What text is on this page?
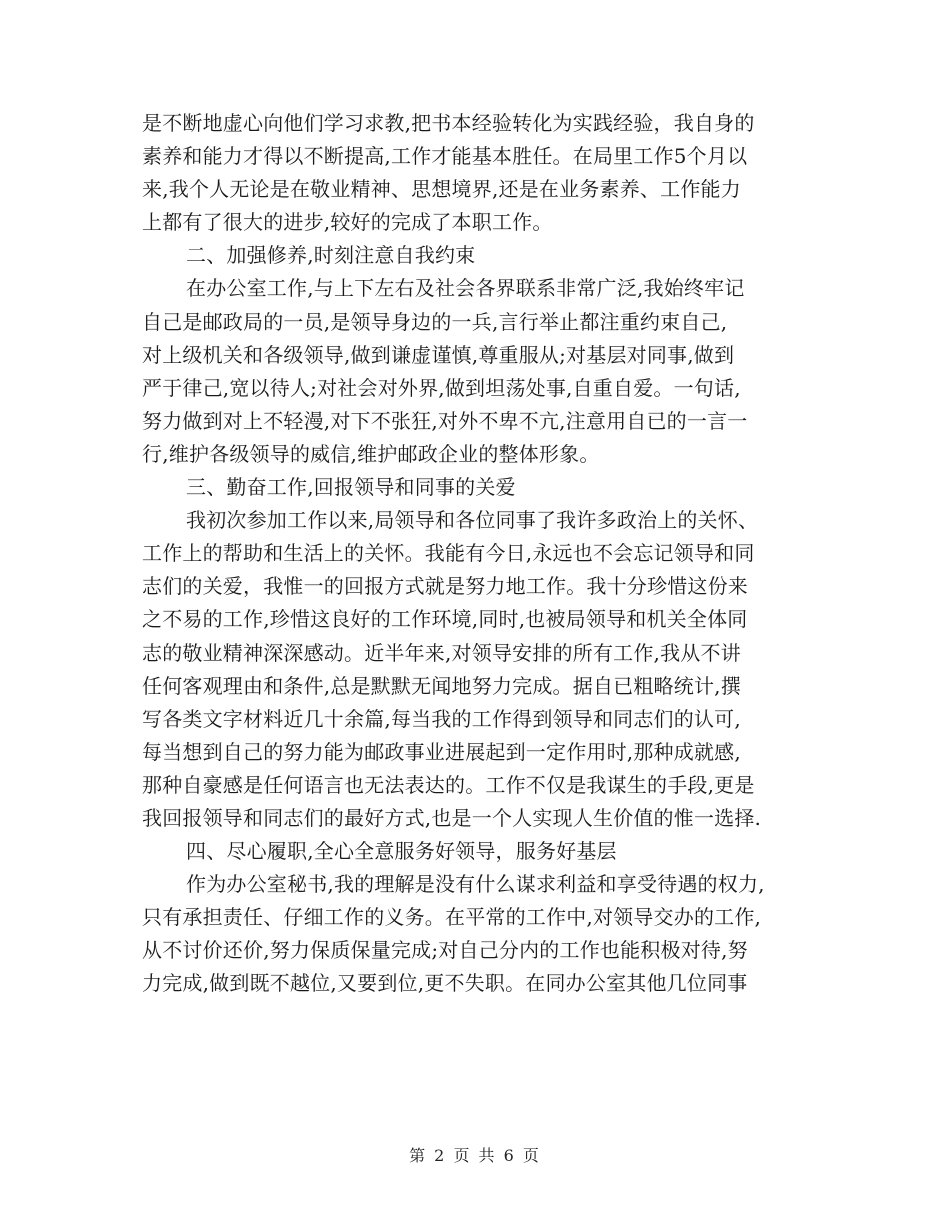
是不断地虚心向他们学习求教,把书本经验转化为实践经验，我自身的
素养和能力才得以不断提高,工作才能基本胜任。在局里工作5个月以
来,我个人无论是在敬业精神、思想境界,还是在业务素养、工作能力
上都有了很大的进步,较好的完成了本职工作。
二、加强修养,时刻注意自我约束
在办公室工作,与上下左右及社会各界联系非常广泛,我始终牢记
自己是邮政局的一员,是领导身边的一兵,言行举止都注重约束自己,
对上级机关和各级领导,做到谦虚谨慎,尊重服从;对基层对同事,做到
严于律己,宽以待人;对社会对外界,做到坦荡处事,自重自爱。一句话,
努力做到对上不轻漫,对下不张狂,对外不卑不亢,注意用自已的一言一
行,维护各级领导的威信,维护邮政企业的整体形象。
三、勤奋工作,回报领导和同事的关爱
我初次参加工作以来,局领导和各位同事了我许多政治上的关怀、
工作上的帮助和生活上的关怀。我能有今日,永远也不会忘记领导和同
志们的关爱，我惟一的回报方式就是努力地工作。我十分珍惜这份来
之不易的工作,珍惜这良好的工作环境,同时,也被局领导和机关全体同
志的敬业精神深深感动。近半年来,对领导安排的所有工作,我从不讲
任何客观理由和条件,总是默默无闻地努力完成。据自已粗略统计,撰
写各类文字材料近几十余篇,每当我的工作得到领导和同志们的认可,
每当想到自己的努力能为邮政事业进展起到一定作用时,那种成就感,
那种自豪感是任何语言也无法表达的。工作不仅是我谋生的手段,更是
我回报领导和同志们的最好方式,也是一个人实现人生价值的惟一选择.
四、尽心履职,全心全意服务好领导，服务好基层
作为办公室秘书,我的理解是没有什么谋求利益和享受待遇的权力,
只有承担责任、仔细工作的义务。在平常的工作中,对领导交办的工作,
从不讨价还价,努力保质保量完成;对自己分内的工作也能积极对待,努
力完成,做到既不越位,又要到位,更不失职。在同办公室其他几位同事
第 2 页 共 6 页
